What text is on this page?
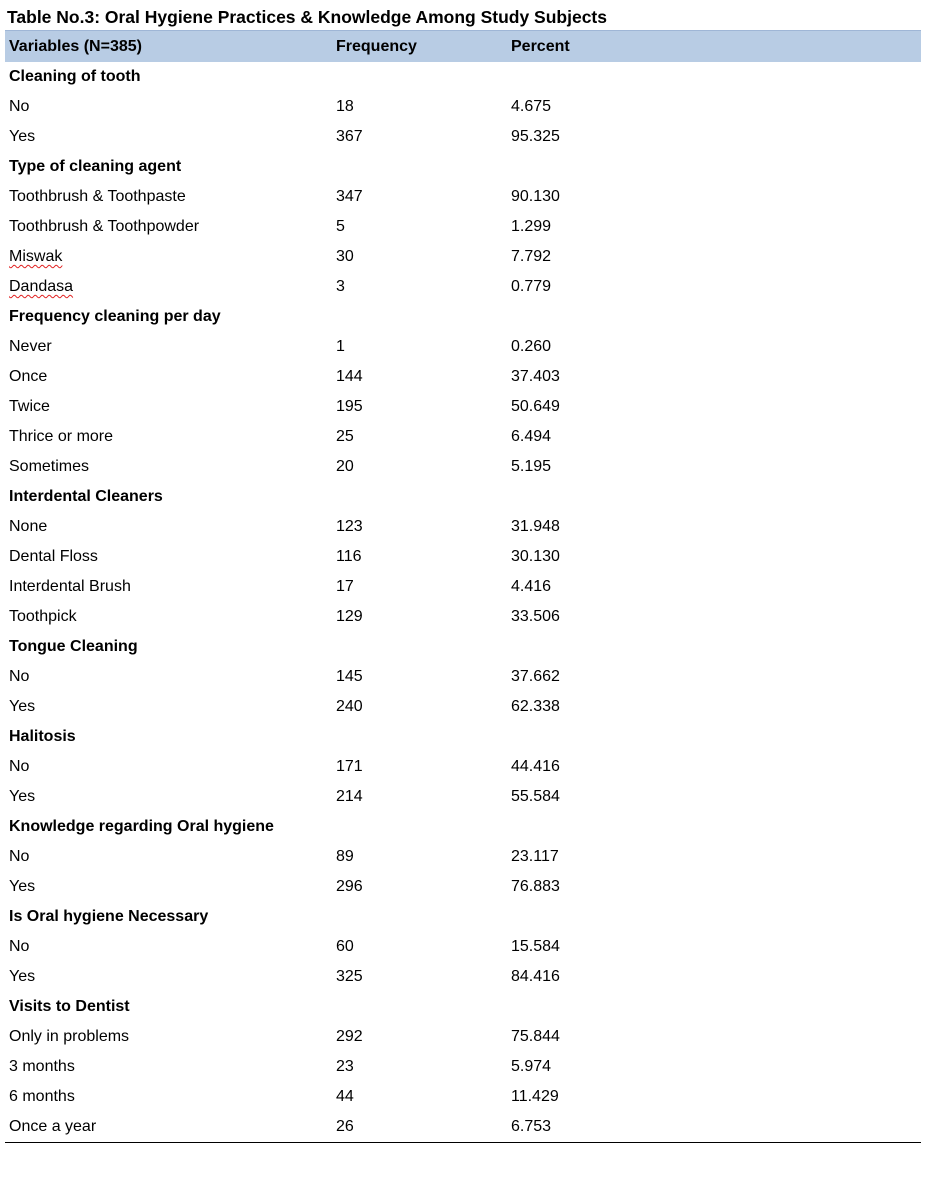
Table No.3: Oral Hygiene Practices & Knowledge Among Study Subjects
Variables (N=385)	Frequency	Percent
Cleaning of tooth
No	18	4.675
Yes	367	95.325
Type of cleaning agent
Toothbrush & Toothpaste	347	90.130
Toothbrush & Toothpowder	5	1.299
Miswak	30	7.792
Dandasa	3	0.779
Frequency cleaning per day
Never	1	0.260
Once	144	37.403
Twice	195	50.649
Thrice or more	25	6.494
Sometimes	20	5.195
Interdental Cleaners
None	123	31.948
Dental Floss	116	30.130
Interdental Brush	17	4.416
Toothpick	129	33.506
Tongue Cleaning
No	145	37.662
Yes	240	62.338
Halitosis
No	171	44.416
Yes	214	55.584
Knowledge regarding Oral hygiene
No	89	23.117
Yes	296	76.883
Is Oral hygiene Necessary
No	60	15.584
Yes	325	84.416
Visits to Dentist
Only in problems	292	75.844
3 months	23	5.974
6 months	44	11.429
Once a year	26	6.753
